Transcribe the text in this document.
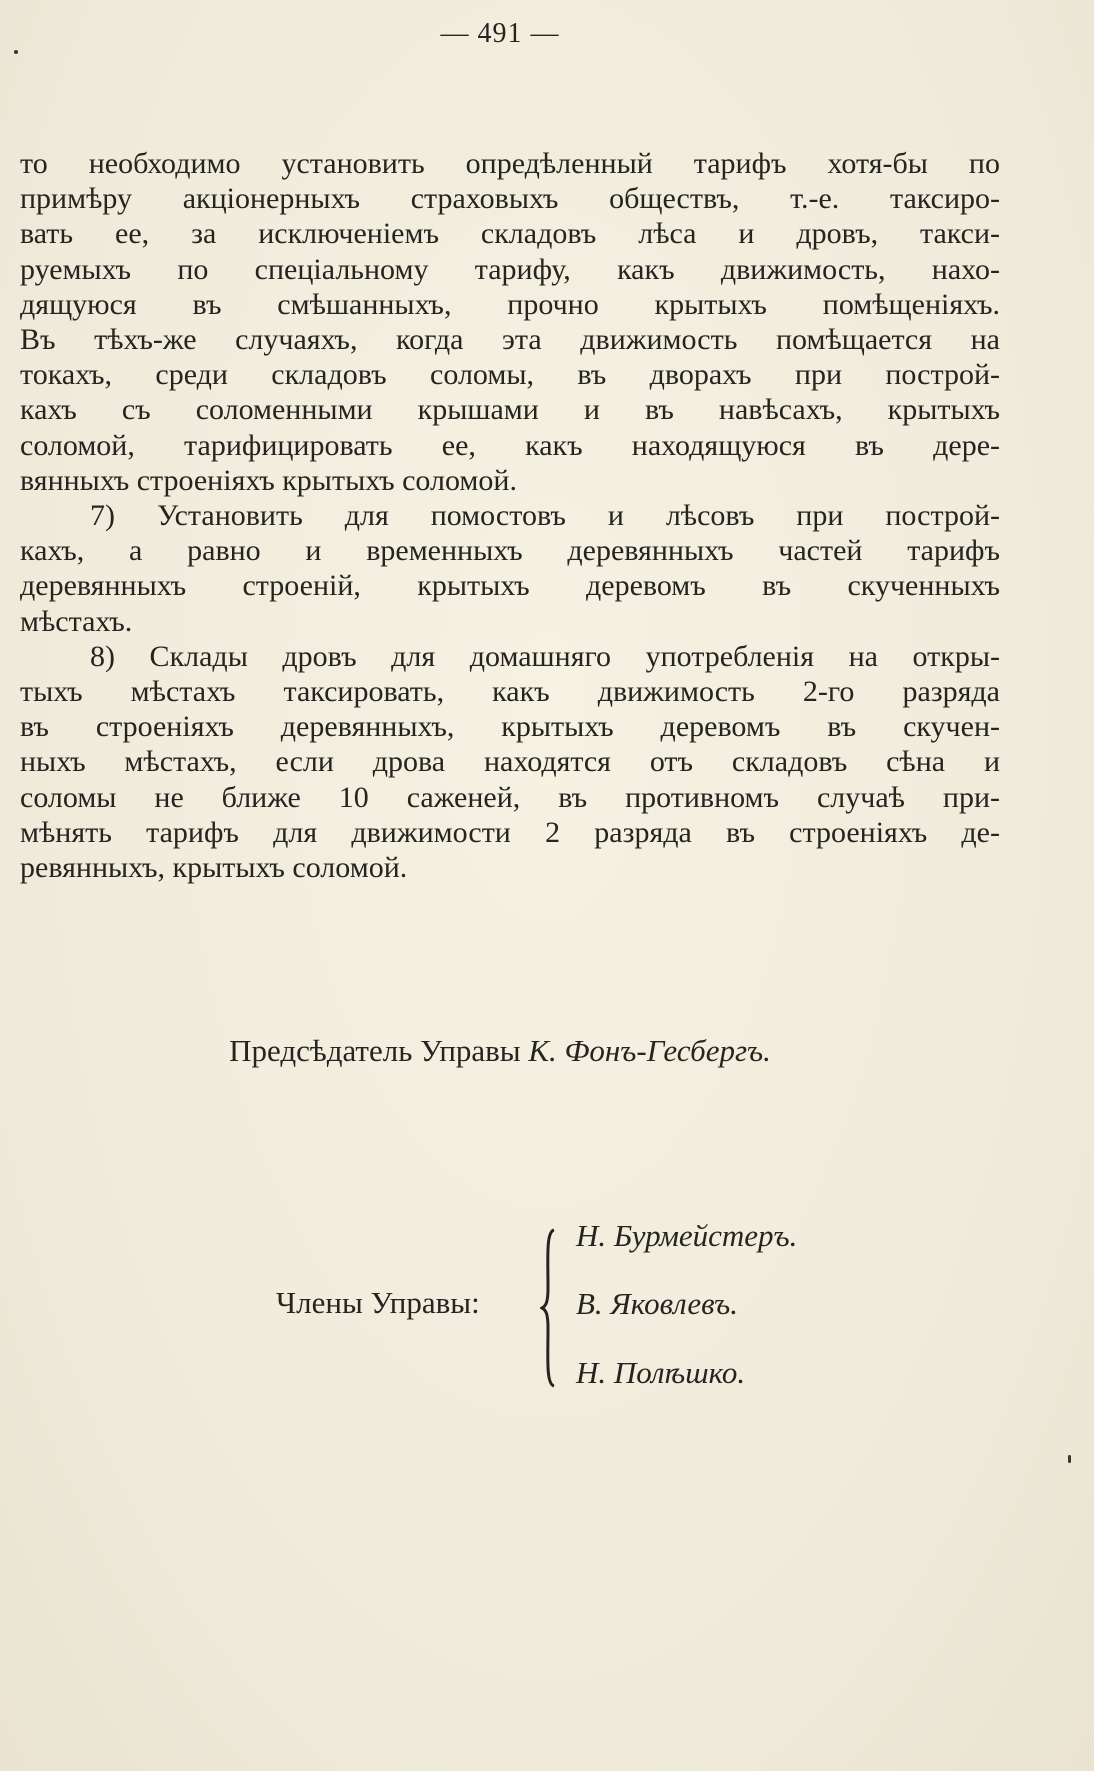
— 491 —
то необходимо установить опредѣленный тарифъ хотя-бы по
примѣру акціонерныхъ страховыхъ обществъ, т.-е. таксиро-
вать ее, за исключеніемъ складовъ лѣса и дровъ, такси-
руемыхъ по спеціальному тарифу, какъ движимость, нахо-
дящуюся въ смѣшанныхъ, прочно крытыхъ помѣщеніяхъ.
Въ тѣхъ-же случаяхъ, когда эта движимость помѣщается на
токахъ, среди складовъ соломы, въ дворахъ при построй-
кахъ съ соломенными крышами и въ навѣсахъ, крытыхъ
соломой, тарифицировать ее, какъ находящуюся въ дере-
вянныхъ строеніяхъ крытыхъ соломой.
7) Установить для помостовъ и лѣсовъ при построй-
кахъ, а равно и временныхъ деревянныхъ частей тарифъ
деревянныхъ строеній, крытыхъ деревомъ въ скученныхъ
мѣстахъ.
8) Склады дровъ для домашняго употребленія на откры-
тыхъ мѣстахъ таксировать, какъ движимость 2-го разряда
въ строеніяхъ деревянныхъ, крытыхъ деревомъ въ скучен-
ныхъ мѣстахъ, если дрова находятся отъ складовъ сѣна и
соломы не ближе 10 саженей, въ противномъ случаѣ при-
мѣнять тарифъ для движимости 2 разряда въ строеніяхъ де-
ревянныхъ, крытыхъ соломой.
Предсѣдатель Управы К. Фонъ-Гесбергъ.
Члены Управы:
Н. Бурмейстеръ.
В. Яковлевъ.
Н. Полѣшко.
